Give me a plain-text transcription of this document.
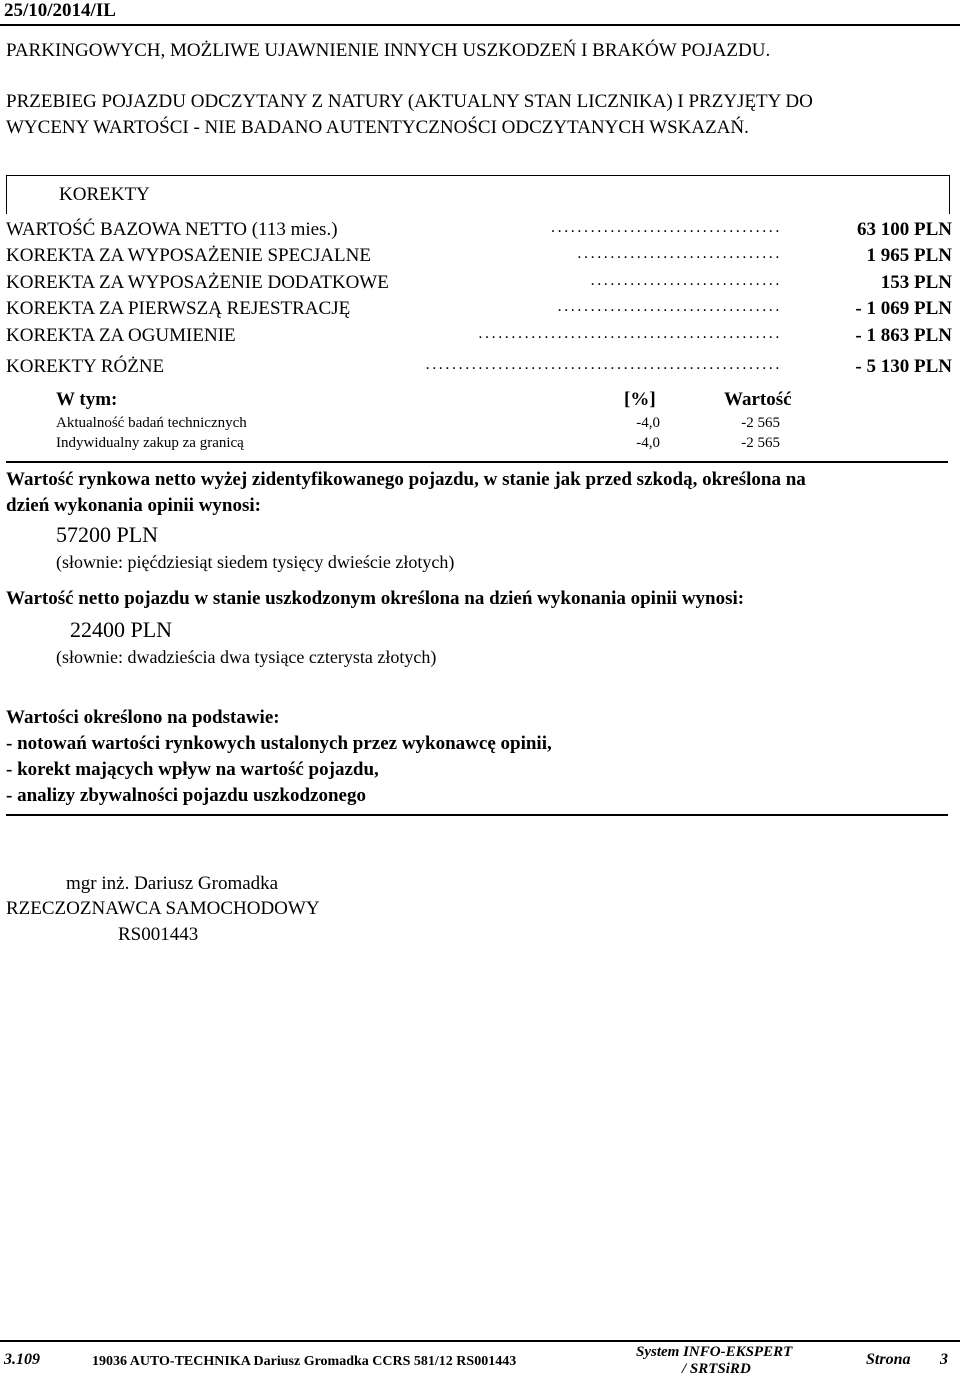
25/10/2014/IL
PARKINGOWYCH, MOŻLIWE UJAWNIENIE INNYCH USZKODZEŃ I BRAKÓW POJAZDU.
PRZEBIEG POJAZDU ODCZYTANY Z NATURY (AKTUALNY STAN LICZNIKA) I PRZYJĘTY DO
WYCENY WARTOŚCI - NIE BADANO AUTENTYCZNOŚCI ODCZYTANYCH WSKAZAŃ.
KOREKTY
WARTOŚĆ BAZOWA NETTO (113 mies.)	...................................	63 100 PLN
KOREKTA ZA WYPOSAŻENIE SPECJALNE	...............................	1 965 PLN
KOREKTA ZA WYPOSAŻENIE DODATKOWE	.............................	153 PLN
KOREKTA ZA PIERWSZĄ REJESTRACJĘ	..................................	- 1 069 PLN
KOREKTA ZA OGUMIENIE	..............................................	- 1 863 PLN
KOREKTY RÓŻNE	......................................................	- 5 130 PLN
W tym:	[%]	Wartość
Aktualność badań technicznych	-4,0	-2 565
Indywidualny zakup za granicą	-4,0	-2 565
Wartość rynkowa netto wyżej zidentyfikowanego pojazdu, w stanie jak przed szkodą, określona na
dzień wykonania opinii wynosi:
57200 PLN
(słownie: pięćdziesiąt siedem tysięcy dwieście złotych)
Wartość netto pojazdu w stanie uszkodzonym określona na dzień wykonania opinii wynosi:
22400 PLN
(słownie: dwadzieścia dwa tysiące czterysta złotych)
Wartości określono na podstawie:
- notowań wartości rynkowych ustalonych przez wykonawcę opinii,
- korekt mających wpływ na wartość pojazdu,
- analizy zbywalności pojazdu uszkodzonego
mgr inż. Dariusz Gromadka
RZECZOZNAWCA SAMOCHODOWY
RS001443
3.109	19036 AUTO-TECHNIKA Dariusz Gromadka CCRS 581/12 RS001443
System INFO-EKSPERT
/ SRTSiRD
Strona 3
